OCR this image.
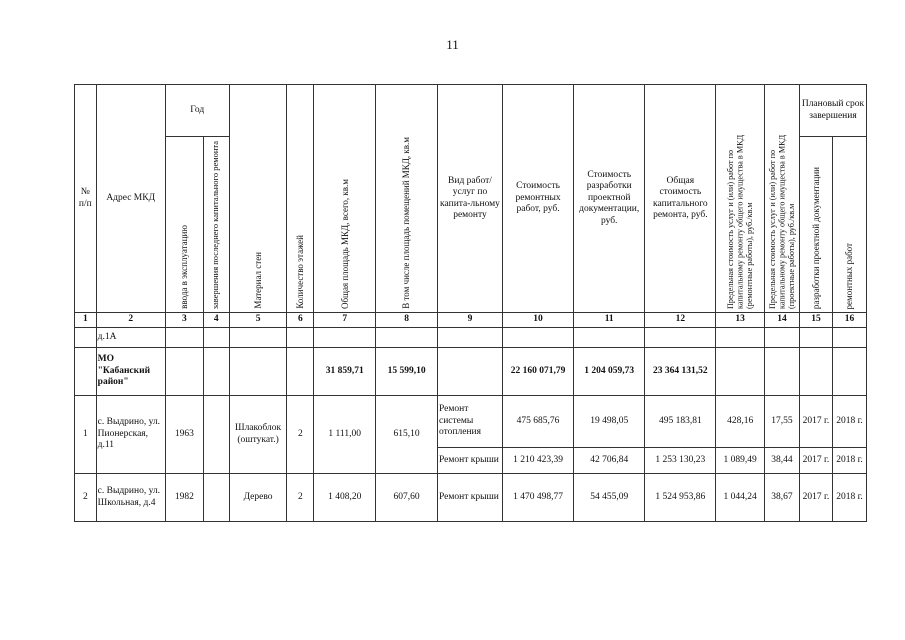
11
№ п/п	Адрес МКД	Год		Материал стен	Количество этажей	Общая площадь МКД, всего, кв.м	В том числе площадь помещений МКД, кв.м	Вид работ/ услуг по капита-льному ремонту	Стоимость ремонтных работ, руб.	Стоимость разработки проектной документации, руб.	Общая стоимость капитального ремонта, руб.	Предельная стоимость услуг и (или) работ по капитальному ремонту общего имущества в МКД (ремонтные работы), руб./кв.м	Предельная стоимость услуг и (или) работ по капитальному ремонту общего имущества в МКД (проектные работы), руб./кв.м	Плановый срок завершения	

		ввода в эксплуатацию	завершения последнего капитального ремонта											разработки проектной документации	ремонтных работ

1	2	3	4	5	6	7	8	9	10	11	12	13	14	15	16
	д.1А														
	МО "Кабанский район"					31 859,71	15 599,10		22 160 071,79	1 204 059,73	23 364 131,52				
1	с. Выдрино, ул. Пионерская, д.11	1963		Шлакоблок (оштукат.)	2	1 111,00	615,10	Ремонт системы отопления	475 685,76	19 498,05	495 183,81	428,16	17,55	2017 г.	2018 г.
								Ремонт крыши	1 210 423,39	42 706,84	1 253 130,23	1 089,49	38,44	2017 г.	2018 г.
2	с. Выдрино, ул. Школьная, д.4	1982		Дерево	2	1 408,20	607,60	Ремонт крыши	1 470 498,77	54 455,09	1 524 953,86	1 044,24	38,67	2017 г.	2018 г.
